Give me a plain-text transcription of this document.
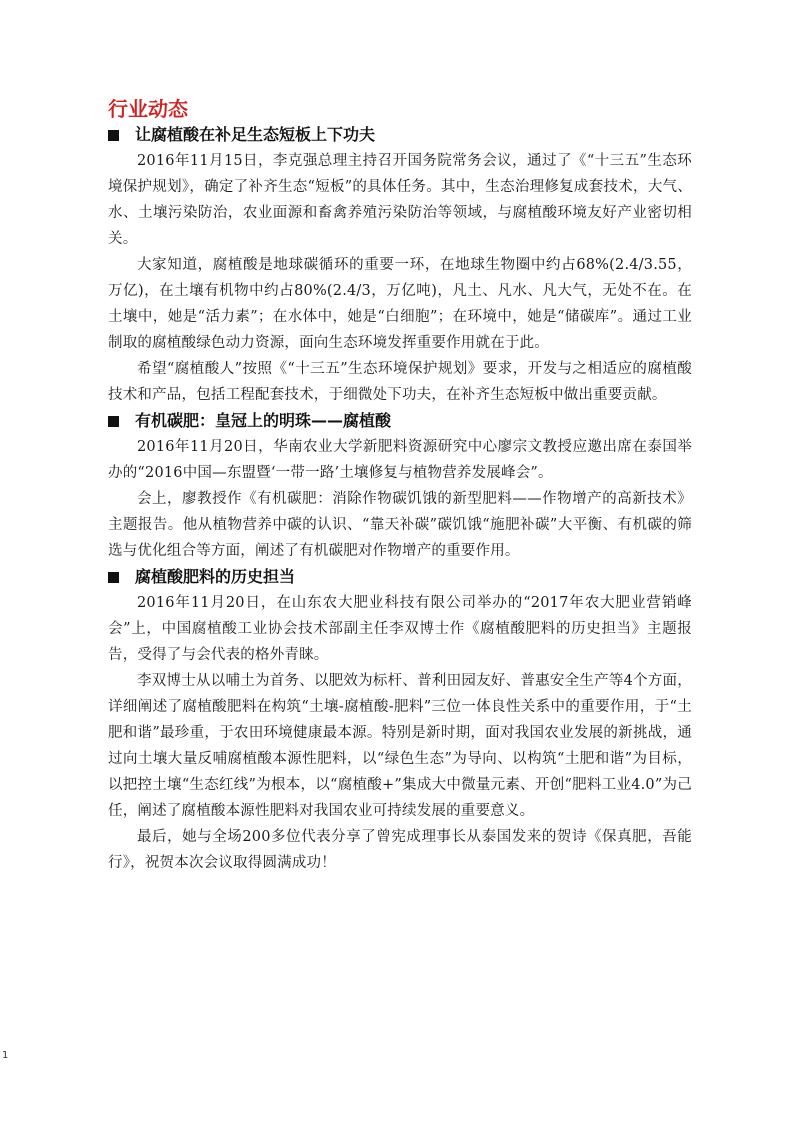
行业动态
让腐植酸在补足生态短板上下功夫

2016年11月15日，李克强总理主持召开国务院常务会议，通过了《“十三五”生态环境保护规划》，确定了补齐生态“短板”的具体任务。其中，生态治理修复成套技术，大气、水、土壤污染防治，农业面源和畜禽养殖污染防治等领域，与腐植酸环境友好产业密切相关。

大家知道，腐植酸是地球碳循环的重要一环，在地球生物圈中约占68%(2.4/3.55，万亿)，在土壤有机物中约占80%(2.4/3，万亿吨)，凡土、凡水、凡大气，无处不在。在土壤中，她是“活力素”；在水体中，她是“白细胞”；在环境中，她是“储碳库”。通过工业制取的腐植酸绿色动力资源，面向生态环境发挥重要作用就在于此。

希望“腐植酸人”按照《“十三五”生态环境保护规划》要求，开发与之相适应的腐植酸技术和产品，包括工程配套技术，于细微处下功夫，在补齐生态短板中做出重要贡献。

有机碳肥：皇冠上的明珠——腐植酸

2016年11月20日，华南农业大学新肥料资源研究中心廖宗文教授应邀出席在泰国举办的“2016中国—东盟暨‘一带一路’土壤修复与植物营养发展峰会”。

会上，廖教授作《有机碳肥：消除作物碳饥饿的新型肥料——作物增产的高新技术》主题报告。他从植物营养中碳的认识、“靠天补碳”碳饥饿“施肥补碳”大平衡、有机碳的筛选与优化组合等方面，阐述了有机碳肥对作物增产的重要作用。

腐植酸肥料的历史担当

2016年11月20日，在山东农大肥业科技有限公司举办的“2017年农大肥业营销峰会”上，中国腐植酸工业协会技术部副主任李双博士作《腐植酸肥料的历史担当》主题报告，受得了与会代表的格外青睐。

李双博士从以哺土为首务、以肥效为标杆、普利田园友好、普惠安全生产等4个方面，详细阐述了腐植酸肥料在构筑“土壤-腐植酸-肥料”三位一体良性关系中的重要作用，于“土肥和谐”最珍重，于农田环境健康最本源。特别是新时期，面对我国农业发展的新挑战，通过向土壤大量反哺腐植酸本源性肥料，以“绿色生态”为导向、以构筑“土肥和谐”为目标，以把控土壤“生态红线”为根本，以“腐植酸+”集成大中微量元素、开创“肥料工业4.0”为己任，阐述了腐植酸本源性肥料对我国农业可持续发展的重要意义。

最后，她与全场200多位代表分享了曾宪成理事长从泰国发来的贺诗《保真肥，吾能行》，祝贺本次会议取得圆满成功！

1
